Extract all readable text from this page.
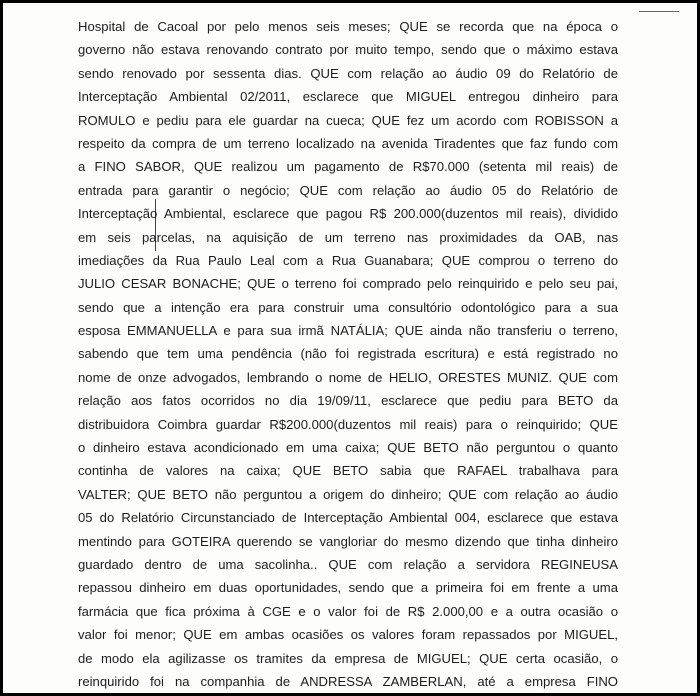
Hospital de Cacoal por pelo menos seis meses; QUE se recorda que na época o
governo não estava renovando contrato por muito tempo, sendo que o máximo estava
sendo renovado por sessenta dias. QUE com relação ao áudio 09 do Relatório de
Interceptação Ambiental 02/2011, esclarece que MIGUEL entregou dinheiro para
ROMULO e pediu para ele guardar na cueca; QUE fez um acordo com ROBISSON a
respeito da compra de um terreno localizado na avenida Tiradentes que faz fundo com
a FINO SABOR, QUE realizou um pagamento de R$70.000 (setenta mil reais) de
entrada para garantir o negócio; QUE com relação ao áudio 05 do Relatório de
Interceptação Ambiental, esclarece que pagou R$ 200.000(duzentos mil reais), dividido
em seis parcelas, na aquisição de um terreno nas proximidades da OAB, nas
imediações da Rua Paulo Leal com a Rua Guanabara; QUE comprou o terreno do
JULIO CESAR BONACHE; QUE o terreno foi comprado pelo reinquirido e pelo seu pai,
sendo que a intenção era para construir uma consultório odontológico para a sua
esposa EMMANUELLA e para sua irmã NATÁLIA; QUE ainda não transferiu o terreno,
sabendo que tem uma pendência (não foi registrada escritura) e está registrado no
nome de onze advogados, lembrando o nome de HELIO, ORESTES MUNIZ. QUE com
relação aos fatos ocorridos no dia 19/09/11, esclarece que pediu para BETO da
distribuidora Coimbra guardar R$200.000(duzentos mil reais) para o reinquirido; QUE
o dinheiro estava acondicionado em uma caixa; QUE BETO não perguntou o quanto
continha de valores na caixa; QUE BETO sabia que RAFAEL trabalhava para
VALTER; QUE BETO não perguntou a origem do dinheiro; QUE com relação ao áudio
05 do Relatório Circunstanciado de Interceptação Ambiental 004, esclarece que estava
mentindo para GOTEIRA querendo se vangloriar do mesmo dizendo que tinha dinheiro
guardado dentro de uma sacolinha.. QUE com relação a servidora REGINEUSA
repassou dinheiro em duas oportunidades, sendo que a primeira foi em frente a uma
farmácia que fica próxima à CGE e o valor foi de R$ 2.000,00 e a outra ocasião o
valor foi menor; QUE em ambas ocasiões os valores foram repassados por MIGUEL,
de modo ela agilizasse os tramites da empresa de MIGUEL; QUE certa ocasião, o
reinquirido foi na companhia de ANDRESSA ZAMBERLAN, até a empresa FINO
